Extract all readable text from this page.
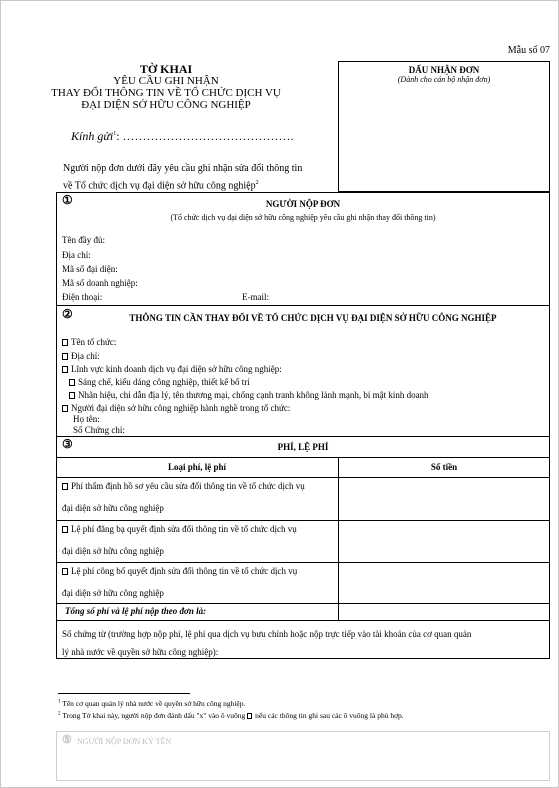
Mẫu số 07
TỜ KHAI
YÊU CẦU GHI NHẬN
THAY ĐỔI THÔNG TIN VỀ TỔ CHỨC DỊCH VỤ
ĐẠI DIỆN SỞ HỮU CÔNG NGHIỆP
Kính gửi$^1$: …………………………………….
Người nộp đơn dưới đây yêu cầu ghi nhận sửa đổi thông tin
về Tổ chức dịch vụ đại diện sở hữu công nghiệp$^2$
DẤU NHẬN ĐƠN
(Dành cho cán bộ nhận đơn)
①	NGƯỜI NỘP ĐƠN
(Tổ chức dịch vụ đại diện sở hữu công nghiệp yêu cầu ghi nhận thay đổi thông tin)
Tên đầy đủ:
Địa chỉ:
Mã số đại diện:
Mã số doanh nghiệp:
Điện thoại:	E-mail:
②	THÔNG TIN CẦN THAY ĐỔI VỀ TỔ CHỨC DỊCH VỤ ĐẠI DIỆN SỞ HỮU CÔNG NGHIỆP
Tên tổ chức:
Địa chỉ:
Lĩnh vực kinh doanh dịch vụ đại diện sở hữu công nghiệp:
Sáng chế, kiểu dáng công nghiệp, thiết kế bố trí
Nhãn hiệu, chỉ dẫn địa lý, tên thương mại, chống cạnh tranh không lành mạnh, bí mật kinh doanh
Người đại diện sở hữu công nghiệp hành nghề trong tổ chức:
Họ tên:
Số Chứng chỉ:
③	PHÍ, LỆ PHÍ
Loại phí, lệ phí	Số tiền
Phí thẩm định hồ sơ yêu cầu sửa đổi thông tin về tổ chức dịch vụ
đại diện sở hữu công nghiệp
Lệ phí đăng bạ quyết định sửa đổi thông tin về tổ chức dịch vụ
đại diện sở hữu công nghiệp
Lệ phí công bố quyết định sửa đổi thông tin về tổ chức dịch vụ
đại diện sở hữu công nghiệp
Tổng số phí và lệ phí nộp theo đơn là:
Số chứng từ (trường hợp nộp phí, lệ phí qua dịch vụ bưu chính hoặc nộp trực tiếp vào tài khoản của cơ quan quản
lý nhà nước về quyền sở hữu công nghiệp):
$^1$ Tên cơ quan quản lý nhà nước về quyền sở hữu công nghiệp.
$^2$ Trong Tờ khai này, người nộp đơn đánh dấu "x" vào ô vuông nếu các thông tin ghi sau các ô vuông là phù hợp.
⑤ NGƯỜI NỘP ĐƠN KÝ TÊN
